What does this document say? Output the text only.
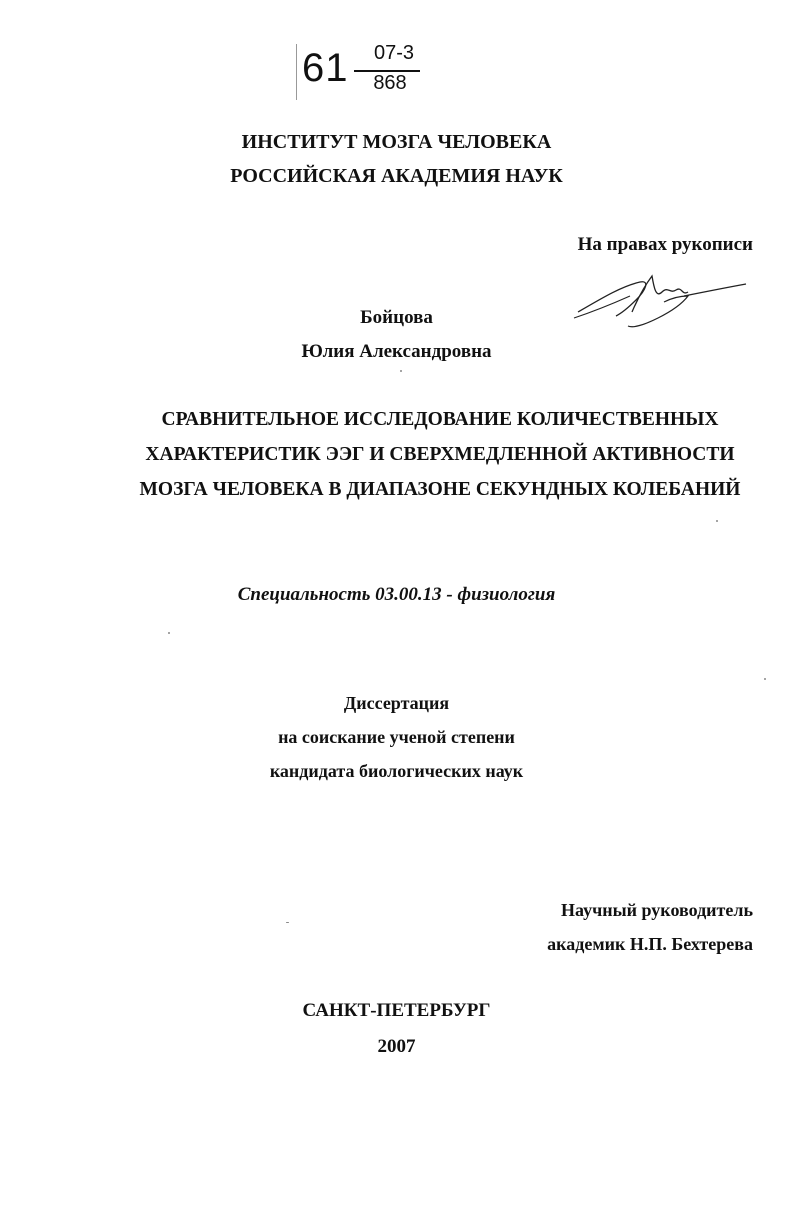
61	07-3
868
ИНСТИТУТ МОЗГА ЧЕЛОВЕКА
РОССИЙСКАЯ АКАДЕМИЯ НАУК
На правах рукописи
Бойцова
Юлия Александровна
СРАВНИТЕЛЬНОЕ ИССЛЕДОВАНИЕ КОЛИЧЕСТВЕННЫХ
ХАРАКТЕРИСТИК ЭЭГ И СВЕРХМЕДЛЕННОЙ АКТИВНОСТИ
МОЗГА ЧЕЛОВЕКА В ДИАПАЗОНЕ СЕКУНДНЫХ КОЛЕБАНИЙ
Специальность 03.00.13 - физиология
Диссертация
на соискание ученой степени
кандидата биологических наук
Научный руководитель
академик Н.П. Бехтерева
САНКТ-ПЕТЕРБУРГ
2007
